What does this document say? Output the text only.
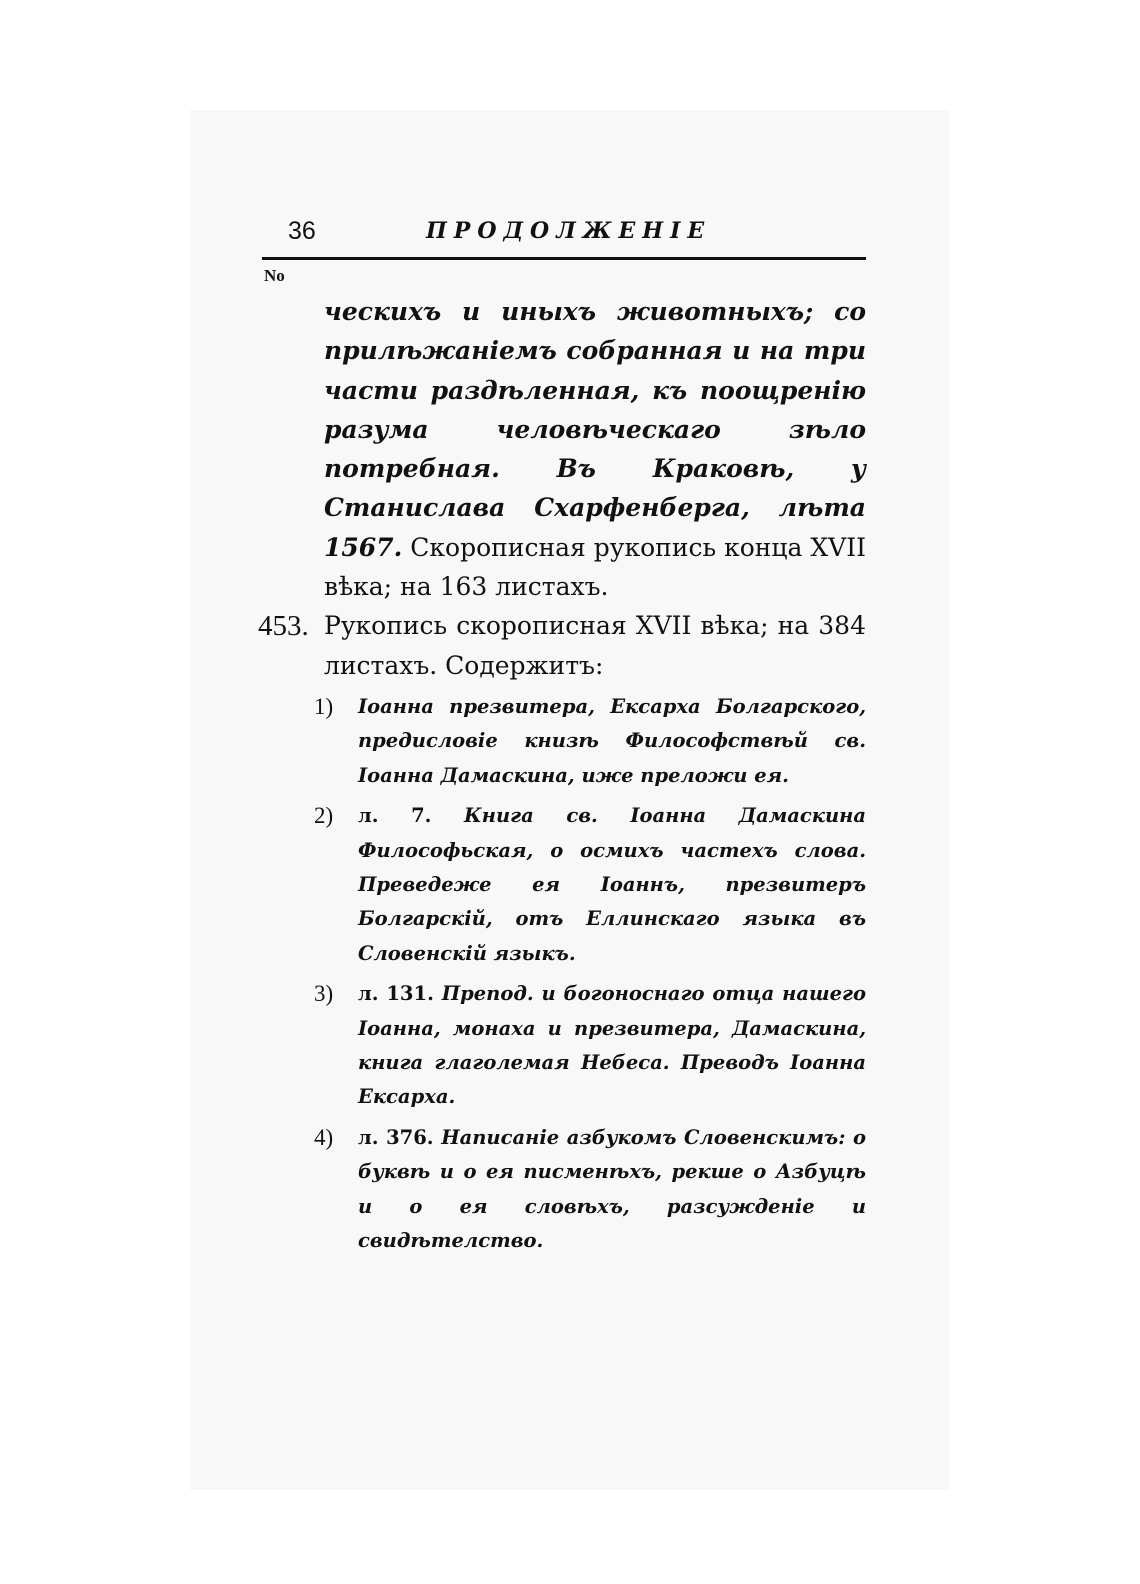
36	ПРОДОЛЖЕНIЕ
No
ческихъ и иныхъ животныхъ; со прилѣжанiемъ собранная и на три части раздѣленная, къ поощренiю разума человѣческаго зѣло потребная. Въ Краковѣ, у Станислава Схарфенберга, лѣта 1567. Скорописная рукопись конца XVII вѣка; на 163 листахъ.
453. Рукопись скорописная XVII вѣка; на 384 листахъ. Содержитъ:
1)	Іоанна презвитера, Ексарха Болгарского, предисловiе книзѣ Философствѣй св. Іоанна Дамаскина, иже преложи ея.
2)	л. 7. Книга св. Іоанна Дамаскина Философьская, о осмихъ частехъ слова. Преведеже ея Іоаннъ, презвитеръ Болгарскiй, отъ Еллинскаго языка въ Словенскiй языкъ.
3)	л. 131. Препод. и богоноснаго отца нашего Іоанна, монаха и презвитера, Дамаскина, книга глаголемая Небеса. Преводъ Іоанна Ексарха.
4)	л. 376. Написанiе азбукомъ Словенскимъ: о буквѣ и о ея писменѣхъ, рекше о Азбуцѣ и о ея словѣхъ, разсужденiе и свидѣтелство.
